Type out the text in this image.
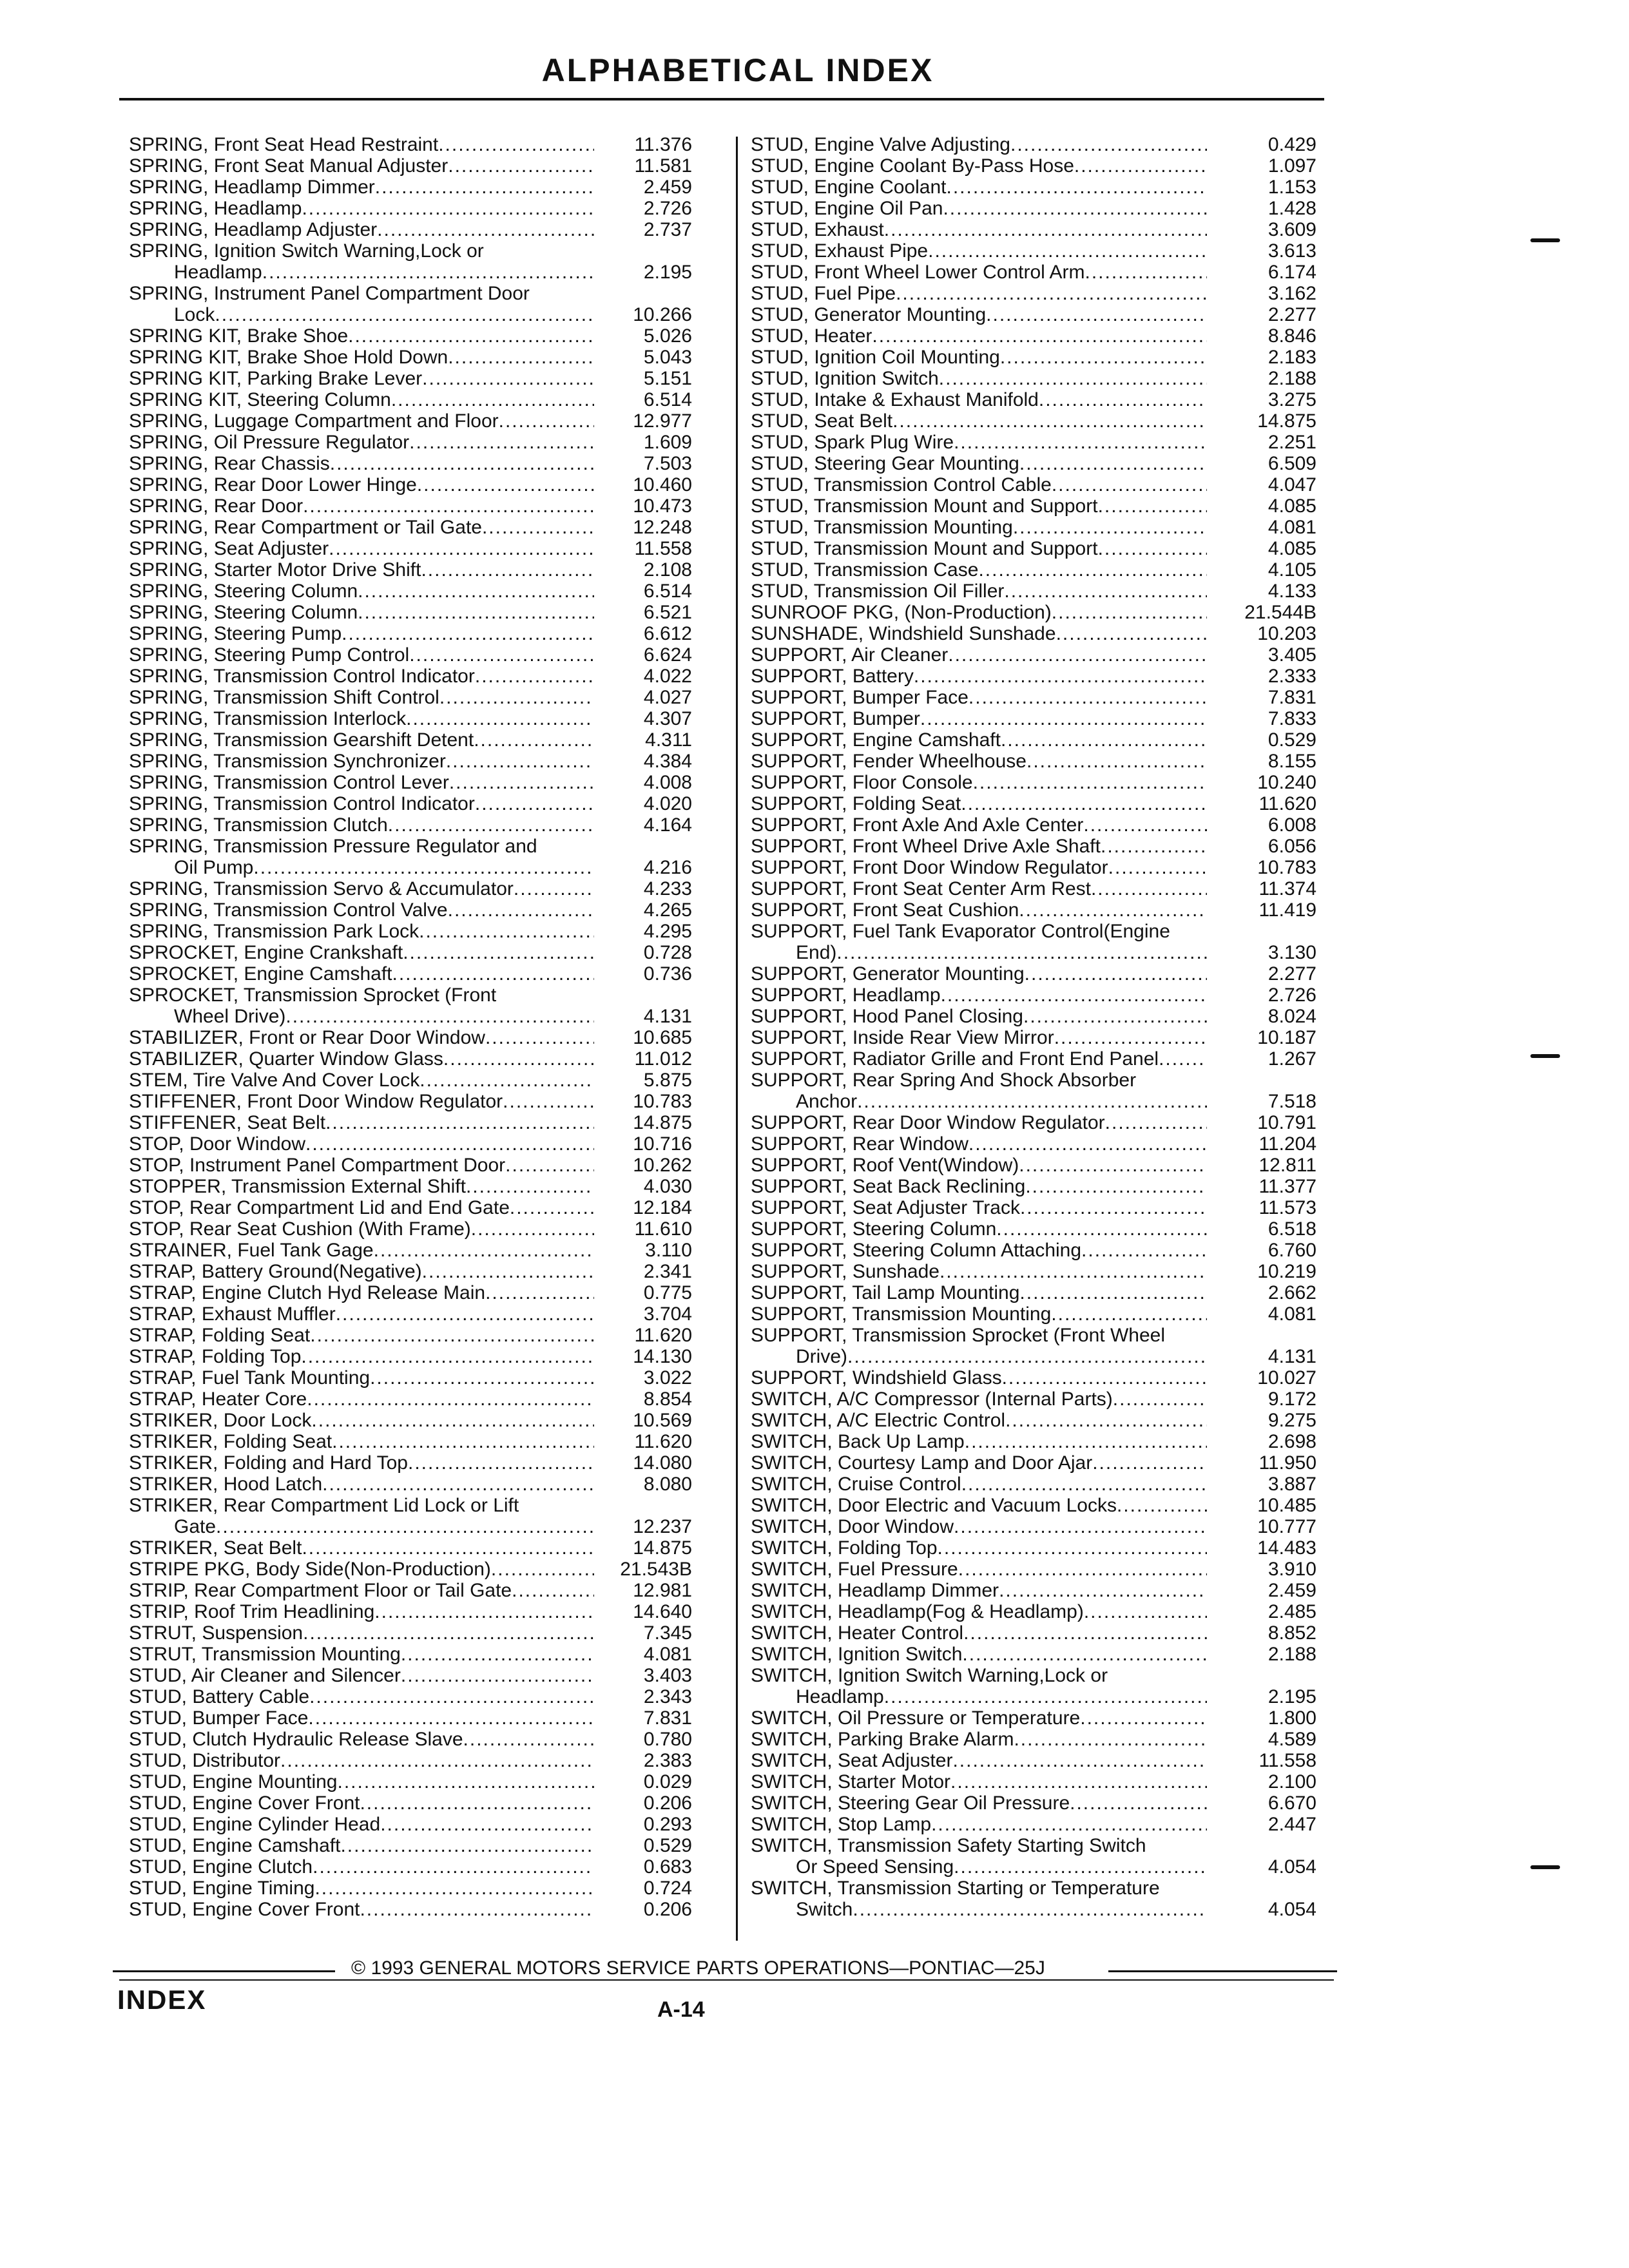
ALPHABETICAL INDEX
SPRING, Front Seat Head Restraint .....	11.376
SPRING, Front Seat Manual Adjuster .....	11.581
SPRING, Headlamp Dimmer .....	2.459
SPRING, Headlamp .....	2.726
SPRING, Headlamp Adjuster .....	2.737
SPRING, Ignition Switch Warning,Lock or
Headlamp .....	2.195
SPRING, Instrument Panel Compartment Door
Lock .....	10.266
SPRING KIT, Brake Shoe .....	5.026
SPRING KIT, Brake Shoe Hold Down .....	5.043
SPRING KIT, Parking Brake Lever .....	5.151
SPRING KIT, Steering Column .....	6.514
SPRING, Luggage Compartment and Floor .....	12.977
SPRING, Oil Pressure Regulator .....	1.609
SPRING, Rear Chassis .....	7.503
SPRING, Rear Door Lower Hinge .....	10.460
SPRING, Rear Door .....	10.473
SPRING, Rear Compartment or Tail Gate .....	12.248
SPRING, Seat Adjuster .....	11.558
SPRING, Starter Motor Drive Shift .....	2.108
SPRING, Steering Column .....	6.514
SPRING, Steering Column .....	6.521
SPRING, Steering Pump .....	6.612
SPRING, Steering Pump Control .....	6.624
SPRING, Transmission Control Indicator .....	4.022
SPRING, Transmission Shift Control .....	4.027
SPRING, Transmission Interlock .....	4.307
SPRING, Transmission Gearshift Detent .....	4.311
SPRING, Transmission Synchronizer .....	4.384
SPRING, Transmission Control Lever .....	4.008
SPRING, Transmission Control Indicator .....	4.020
SPRING, Transmission Clutch .....	4.164
SPRING, Transmission Pressure Regulator and
Oil Pump .....	4.216
SPRING, Transmission Servo & Accumulator .....	4.233
SPRING, Transmission Control Valve .....	4.265
SPRING, Transmission Park Lock .....	4.295
SPROCKET, Engine Crankshaft .....	0.728
SPROCKET, Engine Camshaft .....	0.736
SPROCKET, Transmission Sprocket (Front
Wheel Drive) .....	4.131
STABILIZER, Front or Rear Door Window .....	10.685
STABILIZER, Quarter Window Glass .....	11.012
STEM, Tire Valve And Cover Lock .....	5.875
STIFFENER, Front Door Window Regulator .....	10.783
STIFFENER, Seat Belt .....	14.875
STOP, Door Window .....	10.716
STOP, Instrument Panel Compartment Door .....	10.262
STOPPER, Transmission External Shift .....	4.030
STOP, Rear Compartment Lid and End Gate .....	12.184
STOP, Rear Seat Cushion (With Frame) .....	11.610
STRAINER, Fuel Tank Gage .....	3.110
STRAP, Battery Ground(Negative) .....	2.341
STRAP, Engine Clutch Hyd Release Main .....	0.775
STRAP, Exhaust Muffler .....	3.704
STRAP, Folding Seat .....	11.620
STRAP, Folding Top .....	14.130
STRAP, Fuel Tank Mounting .....	3.022
STRAP, Heater Core .....	8.854
STRIKER, Door Lock .....	10.569
STRIKER, Folding Seat .....	11.620
STRIKER, Folding and Hard Top .....	14.080
STRIKER, Hood Latch .....	8.080
STRIKER, Rear Compartment Lid Lock or Lift
Gate .....	12.237
STRIKER, Seat Belt .....	14.875
STRIPE PKG, Body Side(Non-Production) .....	21.543B
STRIP, Rear Compartment Floor or Tail Gate .....	12.981
STRIP, Roof Trim Headlining .....	14.640
STRUT, Suspension .....	7.345
STRUT, Transmission Mounting .....	4.081
STUD, Air Cleaner and Silencer .....	3.403
STUD, Battery Cable .....	2.343
STUD, Bumper Face .....	7.831
STUD, Clutch Hydraulic Release Slave .....	0.780
STUD, Distributor .....	2.383
STUD, Engine Mounting .....	0.029
STUD, Engine Cover Front .....	0.206
STUD, Engine Cylinder Head .....	0.293
STUD, Engine Camshaft .....	0.529
STUD, Engine Clutch .....	0.683
STUD, Engine Timing .....	0.724
STUD, Engine Cover Front .....	0.206
STUD, Engine Valve Adjusting .....	0.429
STUD, Engine Coolant By-Pass Hose .....	1.097
STUD, Engine Coolant .....	1.153
STUD, Engine Oil Pan .....	1.428
STUD, Exhaust .....	3.609
STUD, Exhaust Pipe .....	3.613
STUD, Front Wheel Lower Control Arm .....	6.174
STUD, Fuel Pipe .....	3.162
STUD, Generator Mounting .....	2.277
STUD, Heater .....	8.846
STUD, Ignition Coil Mounting .....	2.183
STUD, Ignition Switch .....	2.188
STUD, Intake & Exhaust Manifold .....	3.275
STUD, Seat Belt .....	14.875
STUD, Spark Plug Wire .....	2.251
STUD, Steering Gear Mounting .....	6.509
STUD, Transmission Control Cable .....	4.047
STUD, Transmission Mount and Support .....	4.085
STUD, Transmission Mounting .....	4.081
STUD, Transmission Mount and Support .....	4.085
STUD, Transmission Case .....	4.105
STUD, Transmission Oil Filler .....	4.133
SUNROOF PKG, (Non-Production) .....	21.544B
SUNSHADE, Windshield Sunshade .....	10.203
SUPPORT, Air Cleaner .....	3.405
SUPPORT, Battery .....	2.333
SUPPORT, Bumper Face .....	7.831
SUPPORT, Bumper .....	7.833
SUPPORT, Engine Camshaft .....	0.529
SUPPORT, Fender Wheelhouse .....	8.155
SUPPORT, Floor Console .....	10.240
SUPPORT, Folding Seat .....	11.620
SUPPORT, Front Axle And Axle Center .....	6.008
SUPPORT, Front Wheel Drive Axle Shaft .....	6.056
SUPPORT, Front Door Window Regulator .....	10.783
SUPPORT, Front Seat Center Arm Rest .....	11.374
SUPPORT, Front Seat Cushion .....	11.419
SUPPORT, Fuel Tank Evaporator Control(Engine
End) .....	3.130
SUPPORT, Generator Mounting .....	2.277
SUPPORT, Headlamp .....	2.726
SUPPORT, Hood Panel Closing .....	8.024
SUPPORT, Inside Rear View Mirror .....	10.187
SUPPORT, Radiator Grille and Front End Panel .....	1.267
SUPPORT, Rear Spring And Shock Absorber
Anchor .....	7.518
SUPPORT, Rear Door Window Regulator .....	10.791
SUPPORT, Rear Window .....	11.204
SUPPORT, Roof Vent(Window) .....	12.811
SUPPORT, Seat Back Reclining .....	11.377
SUPPORT, Seat Adjuster Track .....	11.573
SUPPORT, Steering Column .....	6.518
SUPPORT, Steering Column Attaching .....	6.760
SUPPORT, Sunshade .....	10.219
SUPPORT, Tail Lamp Mounting .....	2.662
SUPPORT, Transmission Mounting .....	4.081
SUPPORT, Transmission Sprocket (Front Wheel
Drive) .....	4.131
SUPPORT, Windshield Glass .....	10.027
SWITCH, A/C Compressor (Internal Parts) .....	9.172
SWITCH, A/C Electric Control .....	9.275
SWITCH, Back Up Lamp .....	2.698
SWITCH, Courtesy Lamp and Door Ajar .....	11.950
SWITCH, Cruise Control .....	3.887
SWITCH, Door Electric and Vacuum Locks .....	10.485
SWITCH, Door Window .....	10.777
SWITCH, Folding Top .....	14.483
SWITCH, Fuel Pressure .....	3.910
SWITCH, Headlamp Dimmer .....	2.459
SWITCH, Headlamp(Fog & Headlamp) .....	2.485
SWITCH, Heater Control .....	8.852
SWITCH, Ignition Switch .....	2.188
SWITCH, Ignition Switch Warning,Lock or
Headlamp .....	2.195
SWITCH, Oil Pressure or Temperature .....	1.800
SWITCH, Parking Brake Alarm .....	4.589
SWITCH, Seat Adjuster .....	11.558
SWITCH, Starter Motor .....	2.100
SWITCH, Steering Gear Oil Pressure .....	6.670
SWITCH, Stop Lamp .....	2.447
SWITCH, Transmission Safety Starting Switch
Or Speed Sensing .....	4.054
SWITCH, Transmission Starting or Temperature
Switch .....	4.054
© 1993 GENERAL MOTORS SERVICE PARTS OPERATIONS—PONTIAC—25J
INDEX	A-14
